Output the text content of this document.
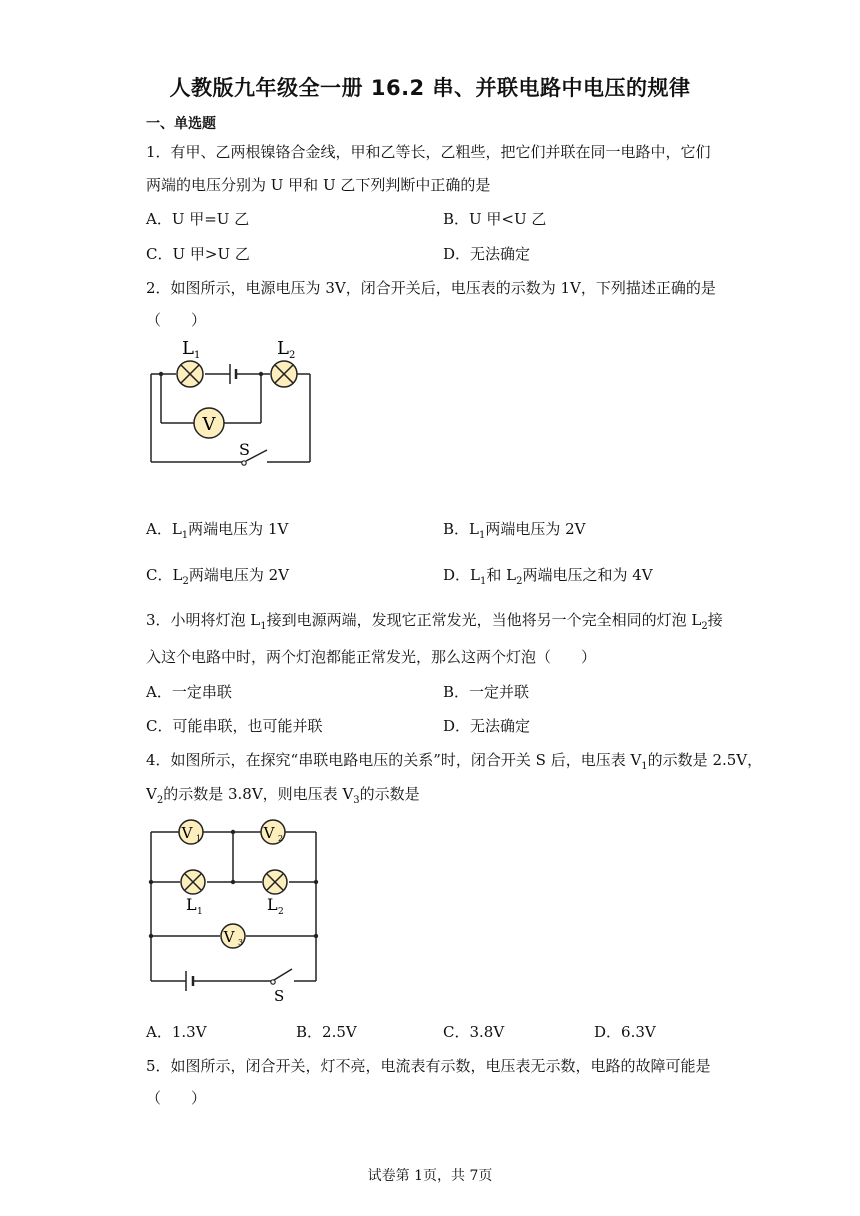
人教版九年级全一册 16.2 串、并联电路中电压的规律
一、单选题
1．有甲、乙两根镍铬合金线，甲和乙等长，乙粗些，把它们并联在同一电路中，它们
两端的电压分别为 U 甲和 U 乙下列判断中正确的是
A．U 甲=U 乙	B．U 甲<U 乙
C．U 甲>U 乙	D．无法确定
2．如图所示，电源电压为 3V，闭合开关后，电压表的示数为 1V，下列描述正确的是
（　　）
V
L 1	L 2
S
A．$L_1$两端电压为 1V	B．$L_1$两端电压为 2V
C．$L_2$两端电压为 2V	D．$L_1$和 $L_2$两端电压之和为 4V
3．小明将灯泡 $L_1$接到电源两端，发现它正常发光，当他将另一个完全相同的灯泡 $L_2$接
入这个电路中时，两个灯泡都能正常发光，那么这两个灯泡（　　）
A．一定串联	B．一定并联
C．可能串联，也可能并联	D．无法确定
4．如图所示，在探究“串联电路电压的关系”时，闭合开关 S 后，电压表 $V_1$的示数是 2.5V，
$V_2$的示数是 3.8V，则电压表 $V_3$的示数是
V 1	V 2
V 3
L 1	L 2
S
A．1.3V	B．2.5V	C．3.8V	D．6.3V
5．如图所示，闭合开关，灯不亮，电流表有示数，电压表无示数，电路的故障可能是
（　　）
试卷第 1页，共 7页
